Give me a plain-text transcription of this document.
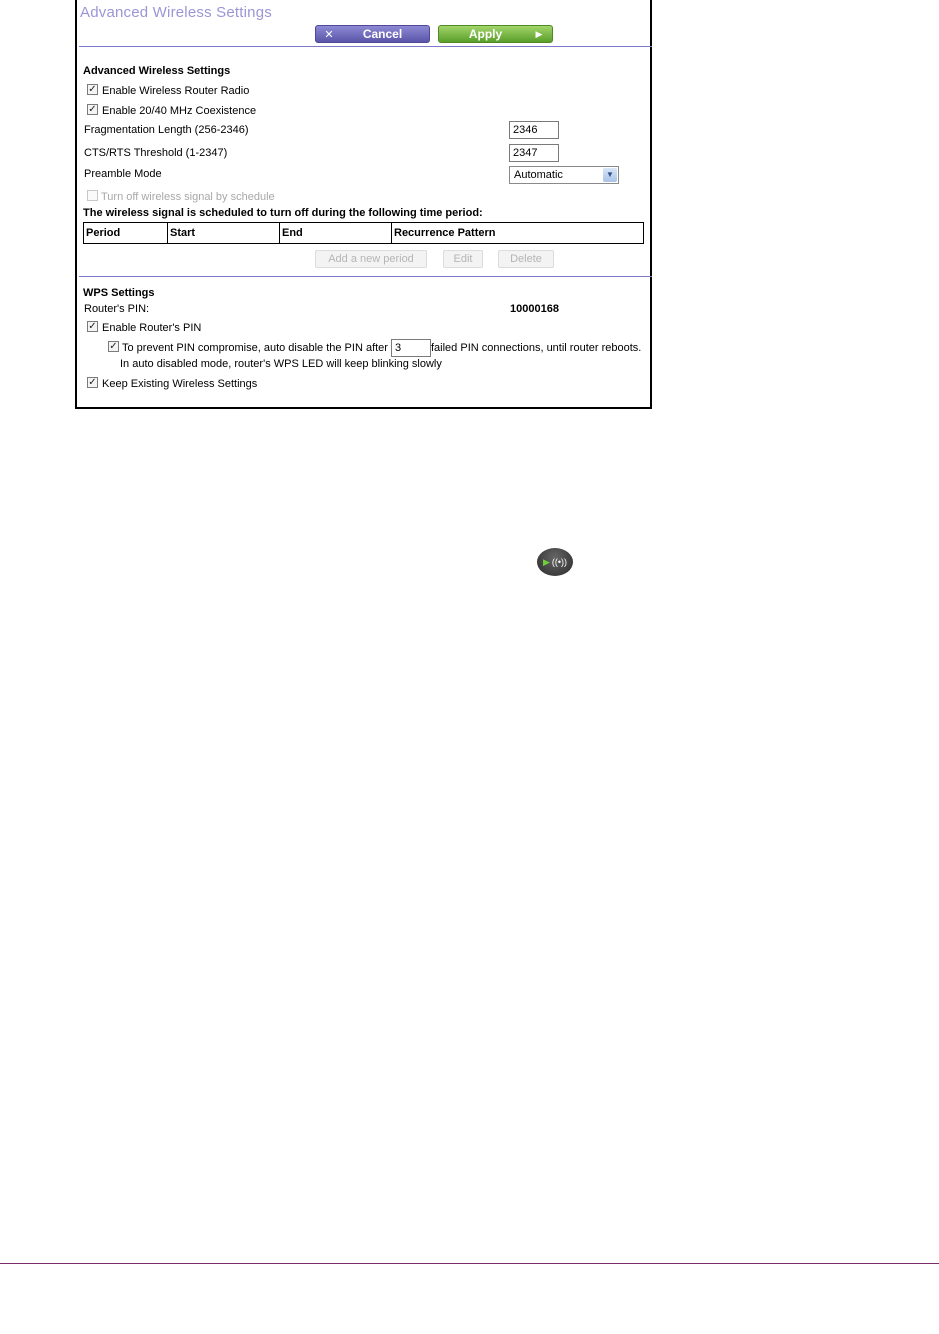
Advanced Wireless Settings
✕	Cancel	Apply	▶
Advanced Wireless Settings
✓ Enable Wireless Router Radio
✓ Enable 20/40 MHz Coexistence
Fragmentation Length (256-2346)	2346
CTS/RTS Threshold (1-2347)	2347
Preamble Mode	Automatic	▼
Turn off wireless signal by schedule
The wireless signal is scheduled to turn off during the following time period:
Period	Start	End	Recurrence Pattern
Add a new period	Edit	Delete
WPS Settings
Router's PIN:	10000168
✓ Enable Router's PIN
✓ To prevent PIN compromise, auto disable the PIN after 3	failed PIN connections, until router reboots.
In auto disabled mode, router's WPS LED will keep blinking slowly
✓ Keep Existing Wireless Settings
▶ ((•))
